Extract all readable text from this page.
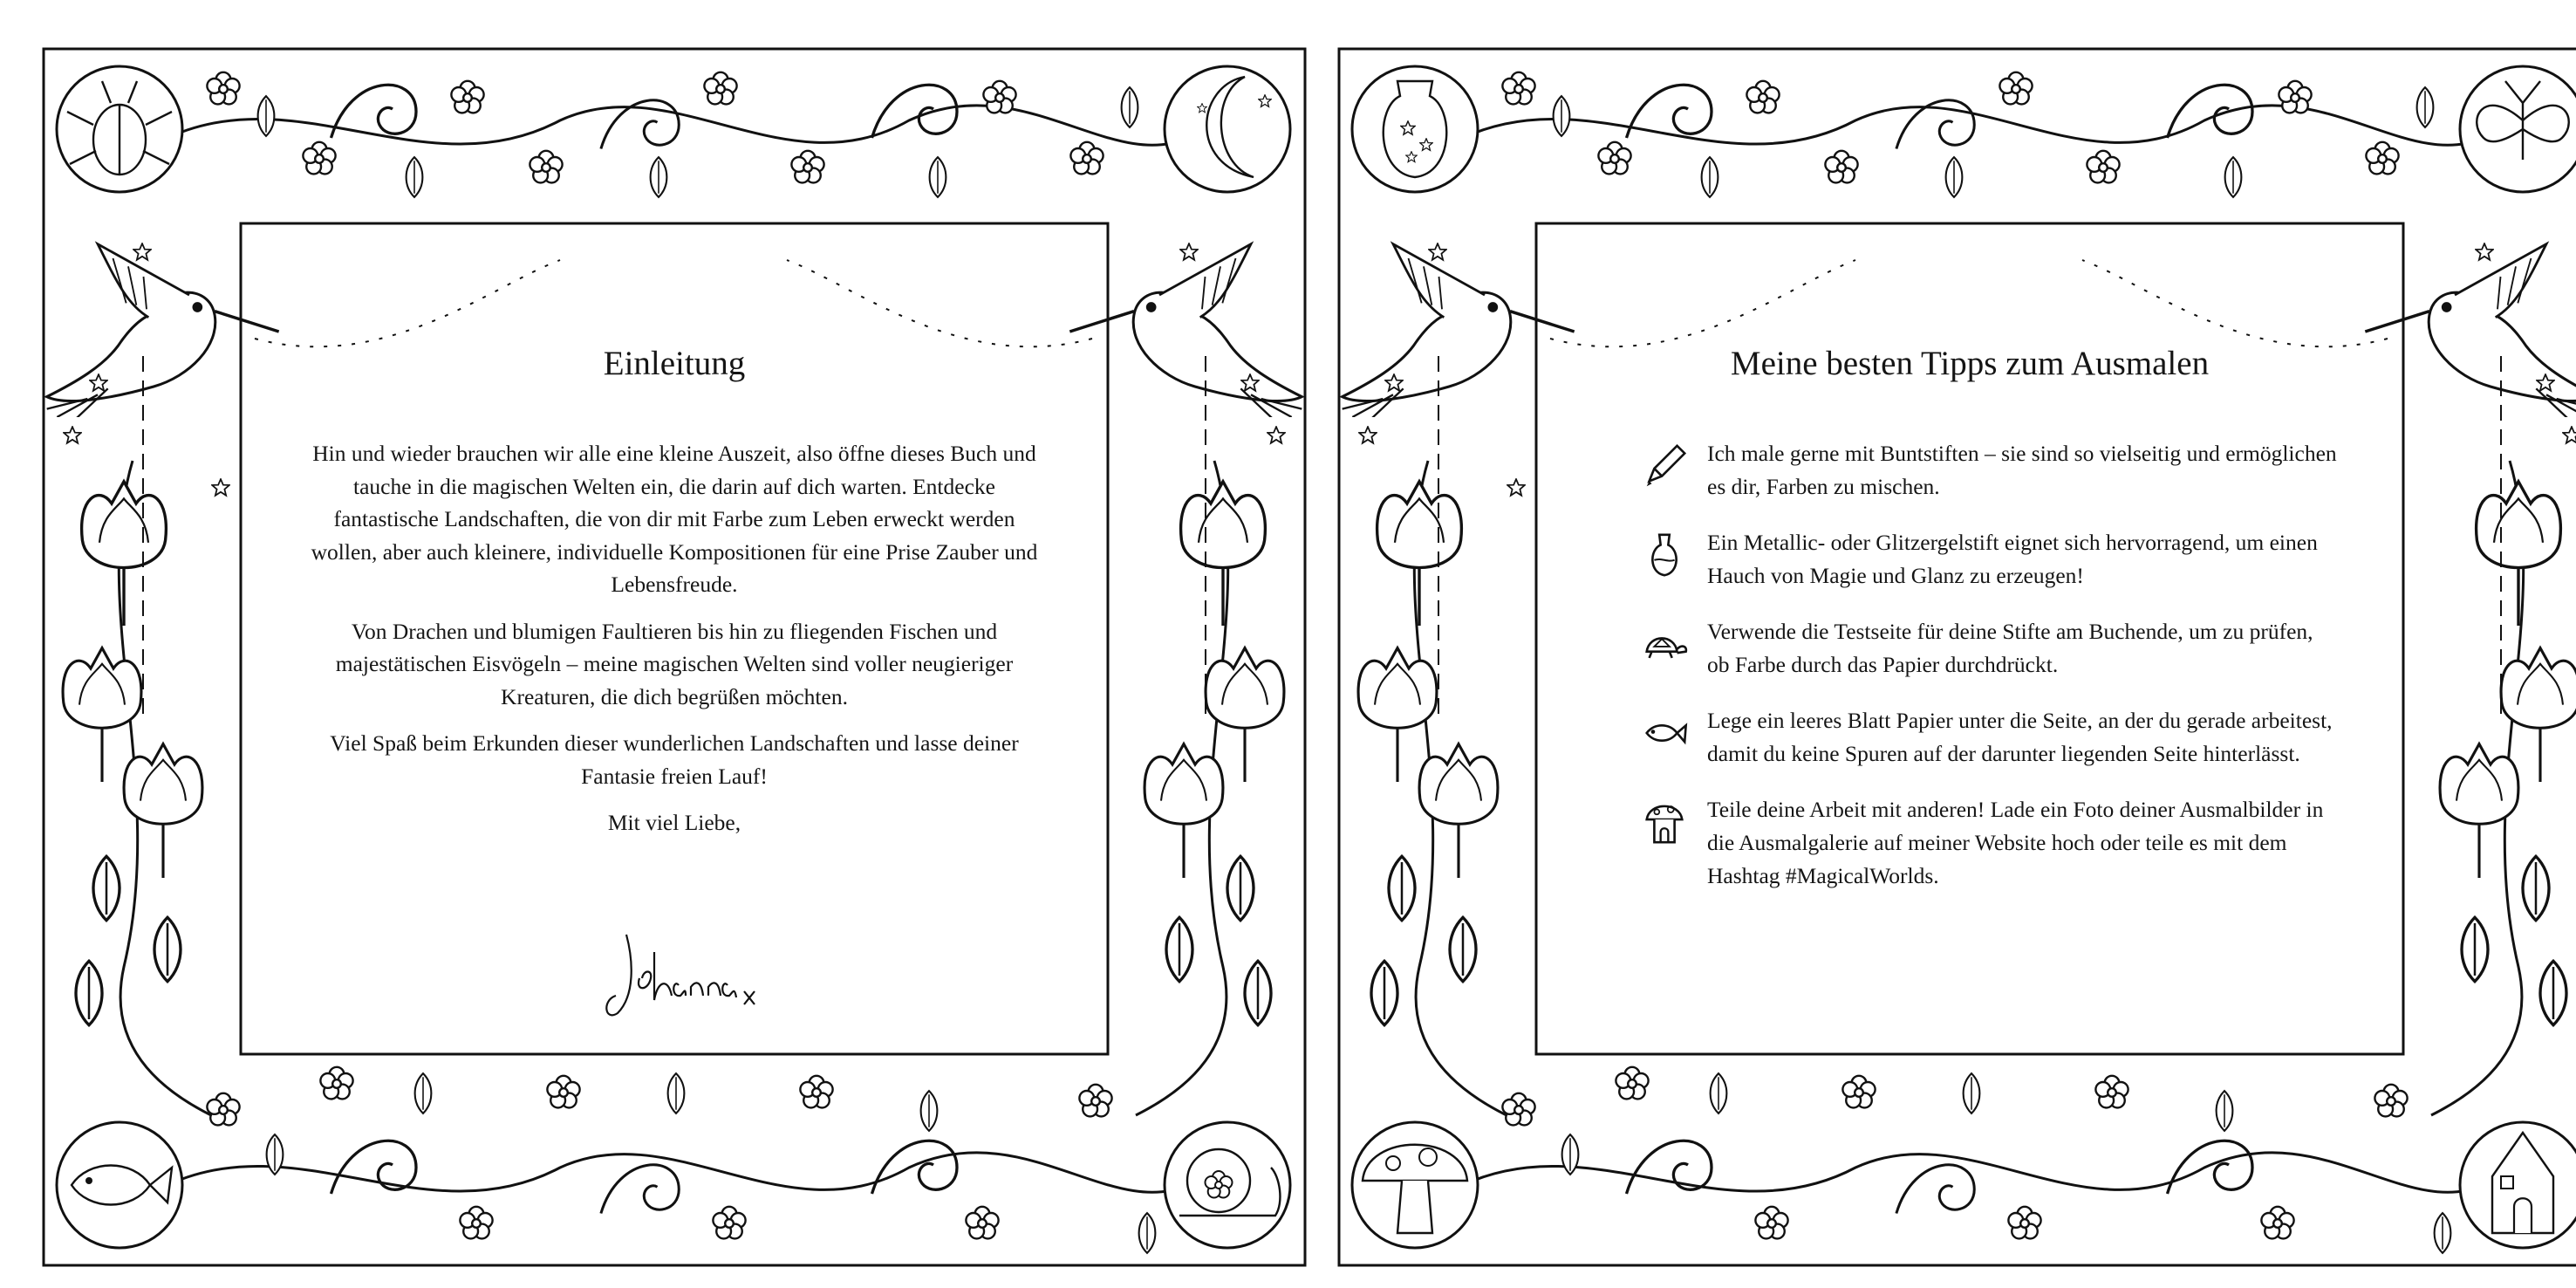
Einleitung

Hin und wieder brauchen wir alle eine kleine Auszeit, also öffne dieses Buch und tauche in die magischen Welten ein, die darin auf dich warten. Entdecke fantastische Landschaften, die von dir mit Farbe zum Leben erweckt werden wollen, aber auch kleinere, individuelle Kompositionen für eine Prise Zauber und Lebensfreude.

Von Drachen und blumigen Faultieren bis hin zu fliegenden Fischen und majestätischen Eisvögeln – meine magischen Welten sind voller neugieriger Kreaturen, die dich begrüßen möchten.

Viel Spaß beim Erkunden dieser wunderlichen Landschaften und lasse deiner Fantasie freien Lauf!

Mit viel Liebe,

Meine besten Tipps zum Ausmalen
Ich male gerne mit Buntstiften – sie sind so vielseitig und ermöglichen es dir, Farben zu mischen.
Ein Metallic- oder Glitzergelstift eignet sich hervorragend, um einen Hauch von Magie und Glanz zu erzeugen!
Verwende die Testseite für deine Stifte am Buchende, um zu prüfen, ob Farbe durch das Papier durchdrückt.
Lege ein leeres Blatt Papier unter die Seite, an der du gerade arbeitest, damit du keine Spuren auf der darunter liegenden Seite hinterlässt.
Teile deine Arbeit mit anderen! Lade ein Foto deiner Ausmalbilder in die Ausmalgalerie auf meiner Website hoch oder teile es mit dem Hashtag #MagicalWorlds.
